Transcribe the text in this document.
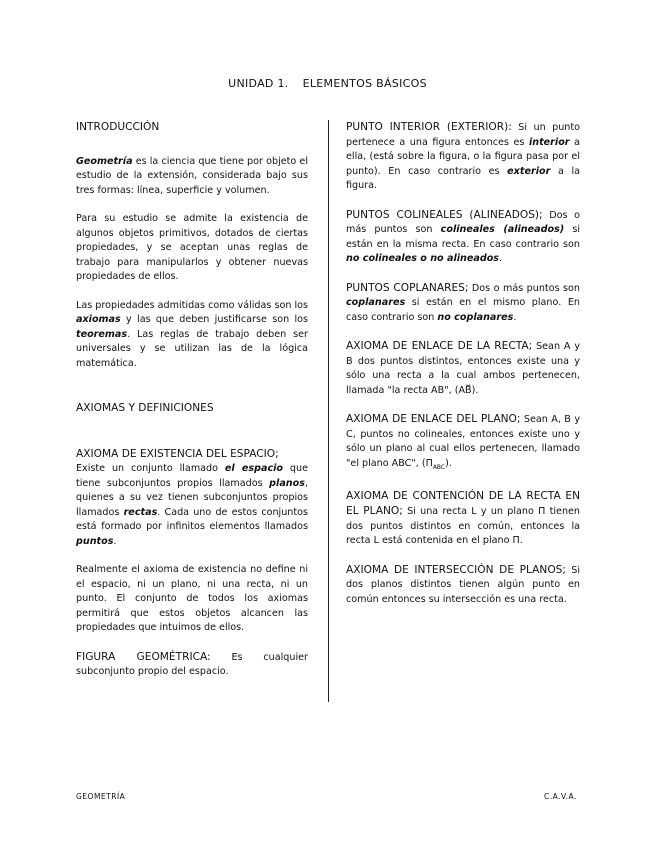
UNIDAD 1. ELEMENTOS BÁSICOS

INTRODUCCIÓN

Geometría es la ciencia que tiene por objeto el estudio de la extensión, considerada bajo sus tres formas: línea, superficie y volumen.

Para su estudio se admite la existencia de algunos objetos primitivos, dotados de ciertas propiedades, y se aceptan unas reglas de trabajo para manipularlos y obtener nuevas propiedades de ellos.

Las propiedades admitidas como válidas son los axiomas y las que deben justificarse son los teoremas. Las reglas de trabajo deben ser universales y se utilizan las de la lógica matemática.

AXIOMAS Y DEFINICIONES

AXIOMA DE EXISTENCIA DEL ESPACIO;
Existe un conjunto llamado el espacio que tiene subconjuntos propios llamados planos, quienes a su vez tienen subconjuntos propios llamados rectas. Cada uno de estos conjuntos está formado por infinitos elementos llamados puntos.

Realmente el axioma de existencia no define ni el espacio, ni un plano, ni una recta, ni un punto. El conjunto de todos los axiomas permitirá que estos objetos alcancen las propiedades que intuimos de ellos.

FIGURA GEOMÉTRICA: Es cualquier subconjunto propio del espacio.

PUNTO INTERIOR (EXTERIOR): Si un punto pertenece a una figura entonces es interior a ella, (está sobre la figura, o la figura pasa por el punto). En caso contrario es exterior a la figura.

PUNTOS COLINEALES (ALINEADOS); Dos o más puntos son colineales (alineados) si están en la misma recta. En caso contrario son no colineales o no alineados.

PUNTOS COPLANARES; Dos o más puntos son coplanares si están en el mismo plano. En caso contrario son no coplanares.

AXIOMA DE ENLACE DE LA RECTA; Sean A y B dos puntos distintos, entonces existe una y sólo una recta a la cual ambos pertenecen, llamada "la recta AB", (AB⃡).

AXIOMA DE ENLACE DEL PLANO; Sean A, B y C, puntos no colineales, entonces existe uno y sólo un plano al cual ellos pertenecen, llamado "el plano ABC", $(\Pi_{ABC})$.

AXIOMA DE CONTENCIÓN DE LA RECTA EN EL PLANO; Si una recta L y un plano Π tienen dos puntos distintos en común, entonces la recta L está contenida en el plano Π.

AXIOMA DE INTERSECCIÓN DE PLANOS; Si dos planos distintos tienen algún punto en común entonces su intersección es una recta.

GEOMETRÍA	C.A.V.A.
